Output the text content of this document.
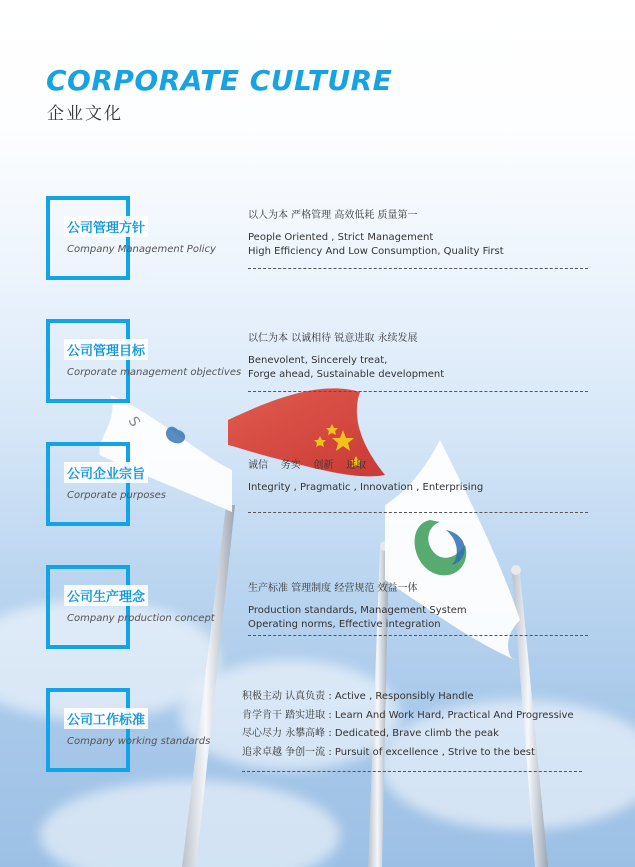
S
CORPORATE CULTURE
企业文化
公司管理方针
Company Management Policy
以人为本 严格管理 高效低耗 质量第一
People Oriented , Strict Management
High Efficiency And Low Consumption, Quality First
公司管理目标
Corporate management objectives
以仁为本 以诚相待 锐意进取 永续发展
Benevolent, Sincerely treat,
Forge ahead, Sustainable development
公司企业宗旨
Corporate purposes
诚信    务实    创新    进取
Integrity , Pragmatic , Innovation , Enterprising
公司生产理念
Company production concept
生产标准 管理制度 经营规范 效益一体
Production standards, Management System
Operating norms, Effective integration
公司工作标准
Company working standards
积极主动 认真负责 : Active , Responsibly Handle
肯学肯干 踏实进取 : Learn And Work Hard, Practical And Progressive
尽心尽力 永攀高峰 : Dedicated, Brave climb the peak
追求卓越 争创一流 : Pursuit of excellence , Strive to the best
